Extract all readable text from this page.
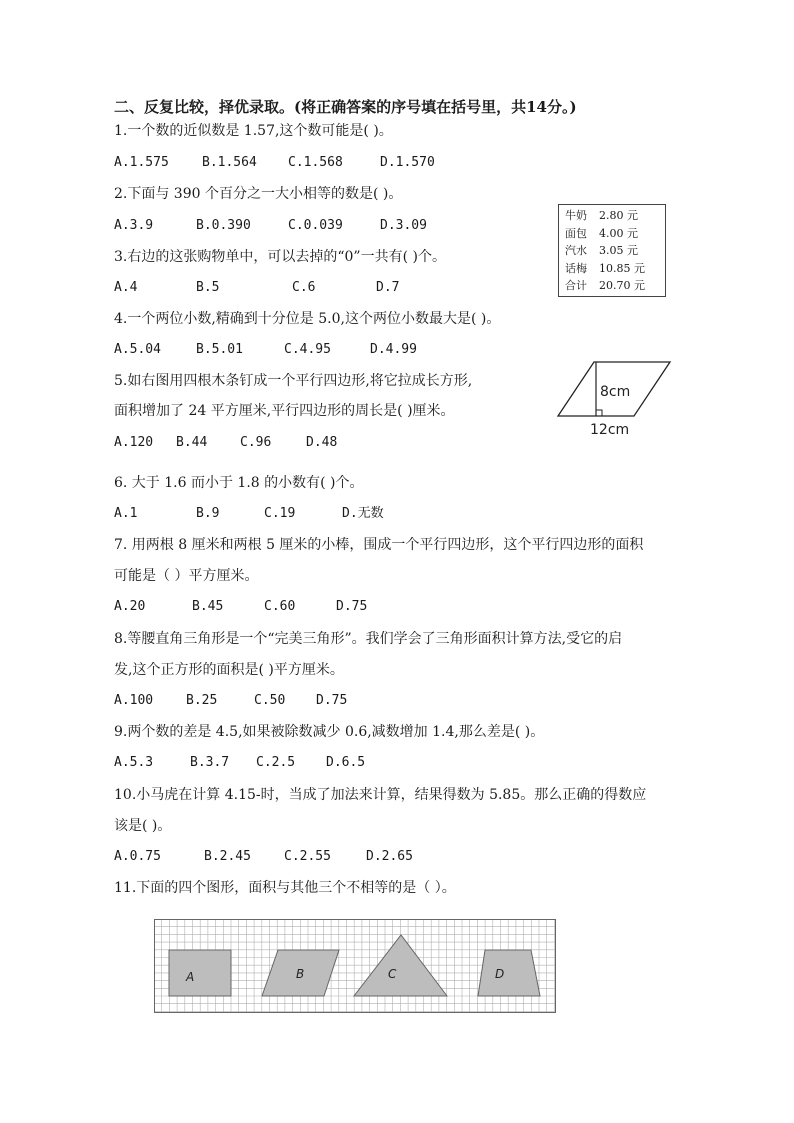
二、反复比较，择优录取。(将正确答案的序号填在括号里，共14分。)
1.一个数的近似数是 1.57,这个数可能是( )。
A.1.575	B.1.564 C.1.568	D.1.570
2.下面与 390 个百分之一大小相等的数是( )。
A.3.9	B.0.390	C.0.039	D.3.09
3.右边的这张购物单中，可以去掉的“0”一共有( )个。
A.4	B.5	C.6	D.7
牛奶	2.80 元
面包	4.00 元
汽水	3.05 元
话梅	10.85 元
合计	20.70 元
4.一个两位小数,精确到十分位是 5.0,这个两位小数最大是( )。
A.5.04	B.5.01	C.4.95	D.4.99
5.如右图用四根木条钉成一个平行四边形,将它拉成长方形,
面积增加了 24 平方厘米,平行四边形的周长是( )厘米。
A.120 B.44	C.96	D.48
8cm
12cm
6. 大于 1.6 而小于 1.8 的小数有( )个。
A.1	B.9	C.19	D.无数
7. 用两根 8 厘米和两根 5 厘米的小棒，围成一个平行四边形，这个平行四边形的面积
可能是（ ）平方厘米。
A.20	B.45	C.60	D.75
8.等腰直角三角形是一个“完美三角形”。我们学会了三角形面积计算方法,受它的启
发,这个正方形的面积是( )平方厘米。
A.100	B.25	C.50 D.75
9.两个数的差是 4.5,如果被除数减少 0.6,减数增加 1.4,那么差是( )。
A.5.3	B.3.7 C.2.5 D.6.5
10.小马虎在计算 4.15-时，当成了加法来计算，结果得数为 5.85。那么正确的得数应
该是( )。
A.0.75	B.2.45	C.2.55	D.2.65
11.下面的四个图形，面积与其他三个不相等的是（ ）。
A	B	C	D
